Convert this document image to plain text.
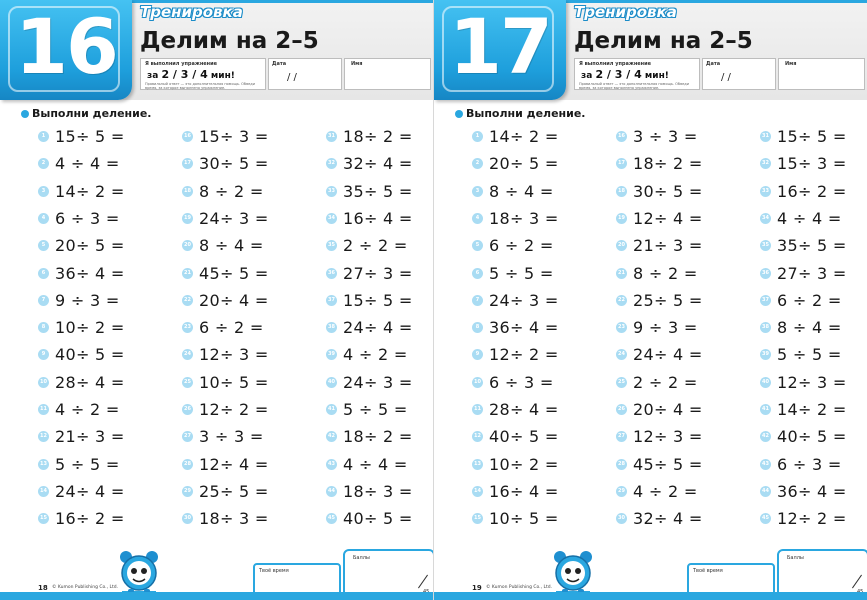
16	Тренировка
Делим на 2–5
Я выполнил упражнение
за 2 / 3 / 4 мин!
Правильный ответ — это дополнительная помощь. Обведи время, за которое выполнено упражнение.
Дата
/ /
Имя
Выполни деление.
1 15÷ 5 =
2 4 ÷ 4 =
3 14÷ 2 =
4 6 ÷ 3 =
5 20÷ 5 =
6 36÷ 4 =
7 9 ÷ 3 =
8 10÷ 2 =
9 40÷ 5 =
10 28÷ 4 =
11 4 ÷ 2 =
12 21÷ 3 =
13 5 ÷ 5 =
14 24÷ 4 =
15 16÷ 2 =
16 15÷ 3 =
17 30÷ 5 =
18 8 ÷ 2 =
19 24÷ 3 =
20 8 ÷ 4 =
21 45÷ 5 =
22 20÷ 4 =
23 6 ÷ 2 =
24 12÷ 3 =
25 10÷ 5 =
26 12÷ 2 =
27 3 ÷ 3 =
28 12÷ 4 =
29 25÷ 5 =
30 18÷ 3 =
31 18÷ 2 =
32 32÷ 4 =
33 35÷ 5 =
34 16÷ 4 =
35 2 ÷ 2 =
36 27÷ 3 =
37 15÷ 5 =
38 24÷ 4 =
39 4 ÷ 2 =
40 24÷ 3 =
41 5 ÷ 5 =
42 18÷ 2 =
43 4 ÷ 4 =
44 18÷ 3 =
45 40÷ 5 =
Твоё время
Баллы
18 © Kumon Publishing Co., Ltd.
17	Тренировка
Делим на 2–5
Я выполнил упражнение
за 2 / 3 / 4 мин!
Правильный ответ — это дополнительная помощь. Обведи время, за которое выполнено упражнение.
Дата
/ /
Имя
Выполни деление.
1 14÷ 2 =
2 20÷ 5 =
3 8 ÷ 4 =
4 18÷ 3 =
5 6 ÷ 2 =
6 5 ÷ 5 =
7 24÷ 3 =
8 36÷ 4 =
9 12÷ 2 =
10 6 ÷ 3 =
11 28÷ 4 =
12 40÷ 5 =
13 10÷ 2 =
14 16÷ 4 =
15 10÷ 5 =
16 3 ÷ 3 =
17 18÷ 2 =
18 30÷ 5 =
19 12÷ 4 =
20 21÷ 3 =
21 8 ÷ 2 =
22 25÷ 5 =
23 9 ÷ 3 =
24 24÷ 4 =
25 2 ÷ 2 =
26 20÷ 4 =
27 12÷ 3 =
28 45÷ 5 =
29 4 ÷ 2 =
30 32÷ 4 =
31 15÷ 5 =
32 15÷ 3 =
33 16÷ 2 =
34 4 ÷ 4 =
35 35÷ 5 =
36 27÷ 3 =
37 6 ÷ 2 =
38 8 ÷ 4 =
39 5 ÷ 5 =
40 12÷ 3 =
41 14÷ 2 =
42 40÷ 5 =
43 6 ÷ 3 =
44 36÷ 4 =
45 12÷ 2 =
Твоё время
Баллы
19 © Kumon Publishing Co., Ltd.
